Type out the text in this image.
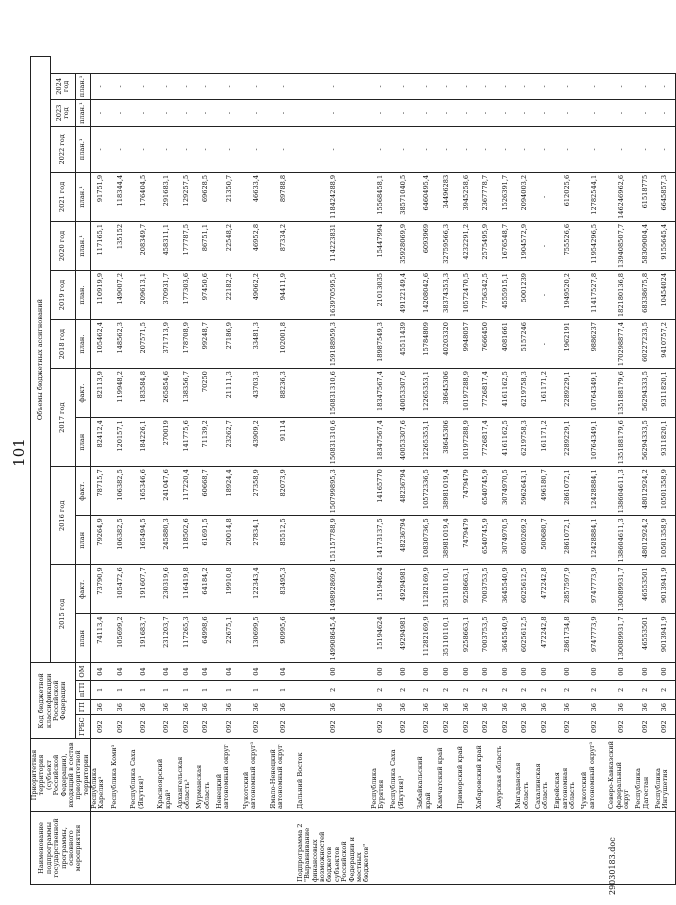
101
Наименование подпрограммы государственной программы, основного мероприятия	Приоритетная территория (субъект Российской Федерации), входящий в состав приоритетной территории	Код бюджетной классификации Российской Федерации				Объемы бюджетных ассигнований												
						2015 год		2016 год		2017 год		2018 год	2019 год	2020 год	2021 год	2022 год	2023 год	2024 год
		ГРБС	ГП	пГП	ОМ	план	факт.	план	факт.	план	факт.	план.	план.	план.¹	план.¹	план.¹	план.¹	план.¹
	Республика Карелия³	092	36	1	04	74113,4	73790,9	79264,9	78715,7	82412,4	82113,9	105462,4	110919,9	117165,1	91751,9	-	-	-
	Республика Коми³	092	36	1	04	105699,2	105472,6	106382,5	106382,5	120157,1	119948,2	148562,3	149007,2	135152	118344,4	-	-	-
	Республика Саха (Якутия)³	092	36	1	04	191683,7	191607,7	165494,5	165346,6	184226,1	183584,8	207571,5	209613,1	208349,7	176404,5	-	-	-
	Красноярский край³	092	36	1	04	231203,7	230319,6	245880,3	241047,6	270019	265854,6	371713,9	370931,7	458311,1	291683,1	-	-	-
	Архангельская область³	092	36	1	04	117265,3	116419,8	118502,6	117220,4	141775,6	138356,7	178708,9	177303,6	177787,5	129257,5	-	-	-
	Мурманская область	092	36	1	04	64998,6	64184,2	61691,5	60668,7	71139,2	70250	99248,7	97450,6	86751,1	69628,5	-	-	-
	Ненецкий автономный округ	092	36	1	04	22675,1	19910,8	20014,8	18924,4	23262,7	21111,3	27186,9	22182,2	22548,2	21350,7	-	-	-
	Чукотский автономный округ³	092	36	1	04	130699,5	122343,4	27834,1	27358,9	43909,2	43703,3	33481,3	49062,2	46952,8	46633,4	-	-	-
	Ямало-Ненецкий автономный округ	092	36	1	04	90995,6	83495,3	85512,5	82073,9	91114	88236,3	102001,8	94411,9	87334,2	89788,8	-	-	-
Подпрограмма 2 "Выравнивание финансовых возможностей бюджетов субъектов Российской Федерации и местных бюджетов"	Дальний Восток	092	36	2	00	149908645,4	149892869,6	151157788,9	150799895,3	150831310,6	150831310,6	159188959,3	163970595,5	114223831	118424288,9	-	-	-
	Республика Бурятия	092	36	2	00	15194624	15194624	14173137,5	14165770	18347567,4	18347567,4	18987549,3	21013035	15447994	15568458,1	-	-	-
	Республика Саха (Якутия)³	092	36	2	00	49294981	49294981	48236794	48236794	40053307,6	40053307,6	45511439	49122149,4	35928069,9	38571040,5	-	-	-
	Забайкальский край	092	36	2	00	11282169,9	11282169,9	10830736,5	10572336,5	12265353,1	12265353,1	15784809	14208042,6	6093969	6460495,4	-	-	-
	Камчатский край	092	36	2	00	35110110,1	35110110,1	38981019,4	38981019,4	38645306	38645306	40203320	38374353,3	32759566,3	34496283	-	-	-
	Приморский край	092	36	2	00	9258663,1	9258663,1	7479479	7479479	10197288,9	10197288,9	9948057	10572470,5	4232291,2	3945258,6	-	-	-
	Хабаровский край	092	36	2	00	7003753,5	7003753,5	6540745,9	6540745,9	7726817,4	7726817,4	7666450	7756342,5	2575495,9	2367778,7	-	-	-
	Амурская область	092	36	2	00	3645540,9	3645540,9	3074970,5	3074970,5	4161162,5	4161162,5	4081661	4555915,1	1676548,7	1526391,7	-	-	-
	Магаданская область	092	36	2	00	6025612,5	6025612,5	6050269,2	5962643,1	6219758,3	6219758,3	5157246	5001239	1904572,9	2094003,2	-	-	-
	Сахалинская область	092	36	2	00	472242,8	472242,8	500680,7	496180,7	161171,2	161171,2	-	-	-	-	-	-	-
	Еврейская автономная область	092	36	2	00	2861734,8	2857597,9	2861072,1	2861072,1	2289229,1	2289229,1	1962191	1949520,2	755526,6	612025,6	-	-	-
	Чукотский автономный округ³	092	36	2	00	9747773,9	9747773,9	12428884,1	12428884,1	10764349,1	10764349,1	9886237	11417527,8	11954296,5	12782544,1	-	-	-
	Северо-Кавказский федеральный округ	092	36	2	00	130089931,7	130089931,7	138604611,3	138604611,3	135188179,6	135188179,6	170298877,4	182180136,8	139408507,7	146246962,6	-	-	-
	Республика Дагестан	092	36	2	00	46553501	46553501	48012924,2	48012924,2	56294333,5	56294333,5	60227233,5	68338675,8	58309004,4	61518775	-	-	-
	Республика Ингушетия	092	36	2	00	9013941,9	9013941,9	10501358,9	10501358,9	9311820,1	9311820,1	9410757,2	10454024	9155645,4	6645857,3	-	-	-
29030183.doc
